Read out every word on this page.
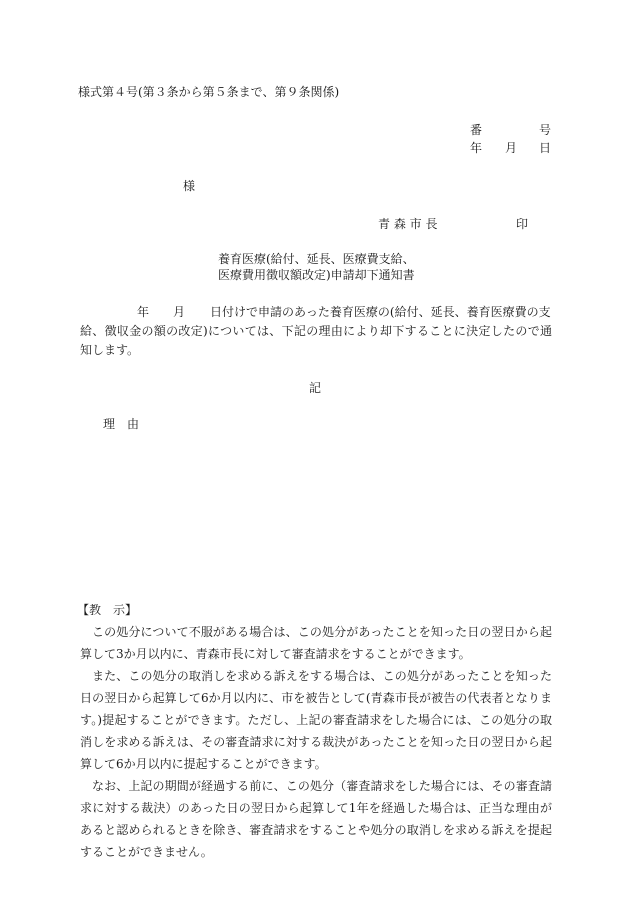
様式第４号(第３条から第５条まで、第９条関係)
番	号
年 月 日
様
青 森 市 長	印
養育医療(給付、延長、医療費支給、
医療費用徴収額改定)申請却下通知書
年 月 日付けで申請のあった養育医療の(給付、延長、養育医療費の支
給、徴収金の額の改定)については、下記の理由により却下することに決定したので通知します。
記
理　由
【教　示】

この処分について不服がある場合は、この処分があったことを知った日の翌日から起算して3か月以内に、青森市長に対して審査請求をすることができます。

また、この処分の取消しを求める訴えをする場合は、この処分があったことを知った日の翌日から起算して6か月以内に、市を被告として(青森市長が被告の代表者となります。)提起することができます。ただし、上記の審査請求をした場合には、この処分の取消しを求める訴えは、その審査請求に対する裁決があったことを知った日の翌日から起算して6か月以内に提起することができます。

なお、上記の期間が経過する前に、この処分（審査請求をした場合には、その審査請求に対する裁決）のあった日の翌日から起算して1年を経過した場合は、正当な理由があると認められるときを除き、審査請求をすることや処分の取消しを求める訴えを提起することができません。
